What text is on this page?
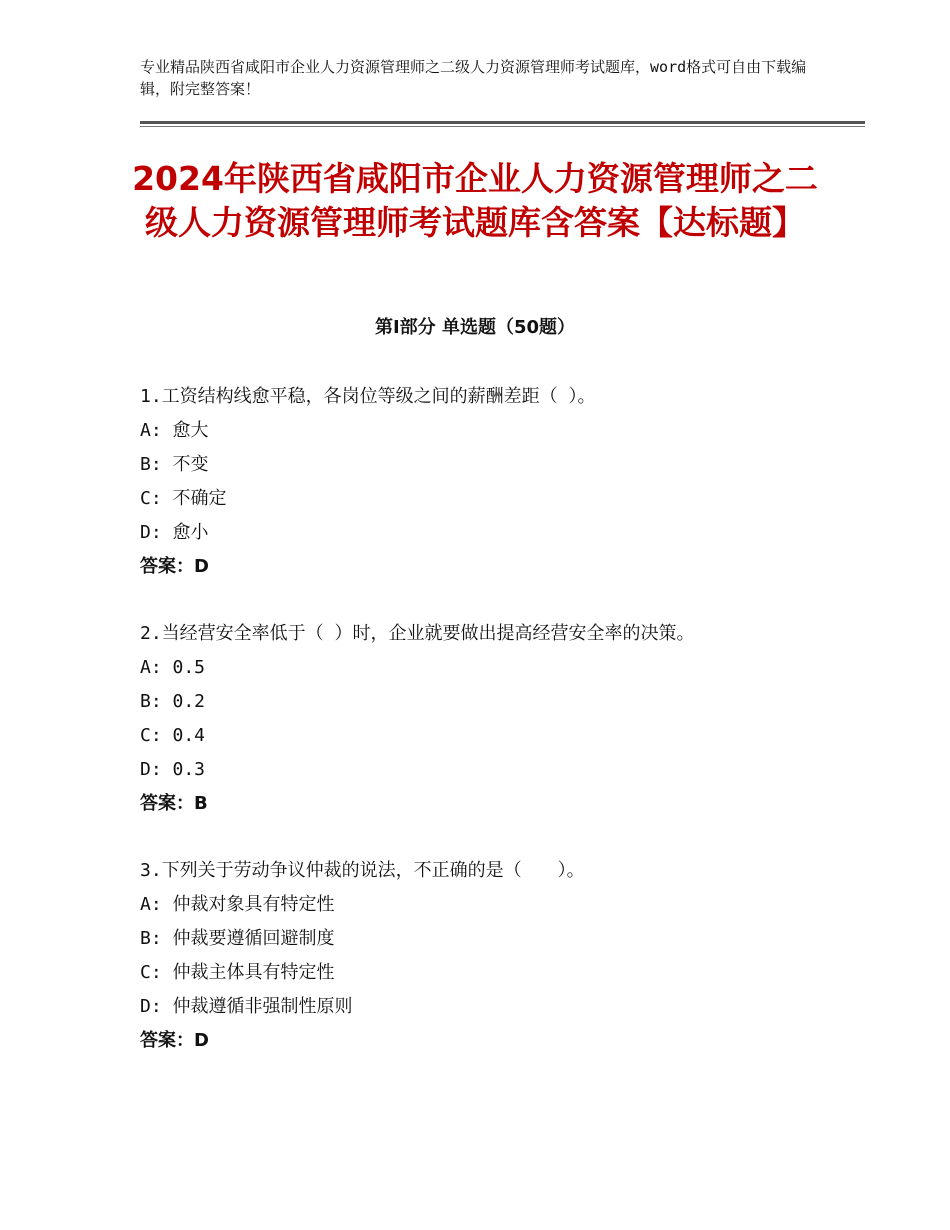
专业精品陕西省咸阳市企业人力资源管理师之二级人力资源管理师考试题库，word格式可自由下载编辑，附完整答案！
2024年陕西省咸阳市企业人力资源管理师之二级人力资源管理师考试题库含答案【达标题】
第Ⅰ部分 单选题（50题）
1.工资结构线愈平稳，各岗位等级之间的薪酬差距（ ）。
A: 愈大
B: 不变
C: 不确定
D: 愈小
答案：D
2.当经营安全率低于（ ）时，企业就要做出提高经营安全率的决策。
A: 0.5
B: 0.2
C: 0.4
D: 0.3
答案：B
3.下列关于劳动争议仲裁的说法，不正确的是（　　）。
A: 仲裁对象具有特定性
B: 仲裁要遵循回避制度
C: 仲裁主体具有特定性
D: 仲裁遵循非强制性原则
答案：D
